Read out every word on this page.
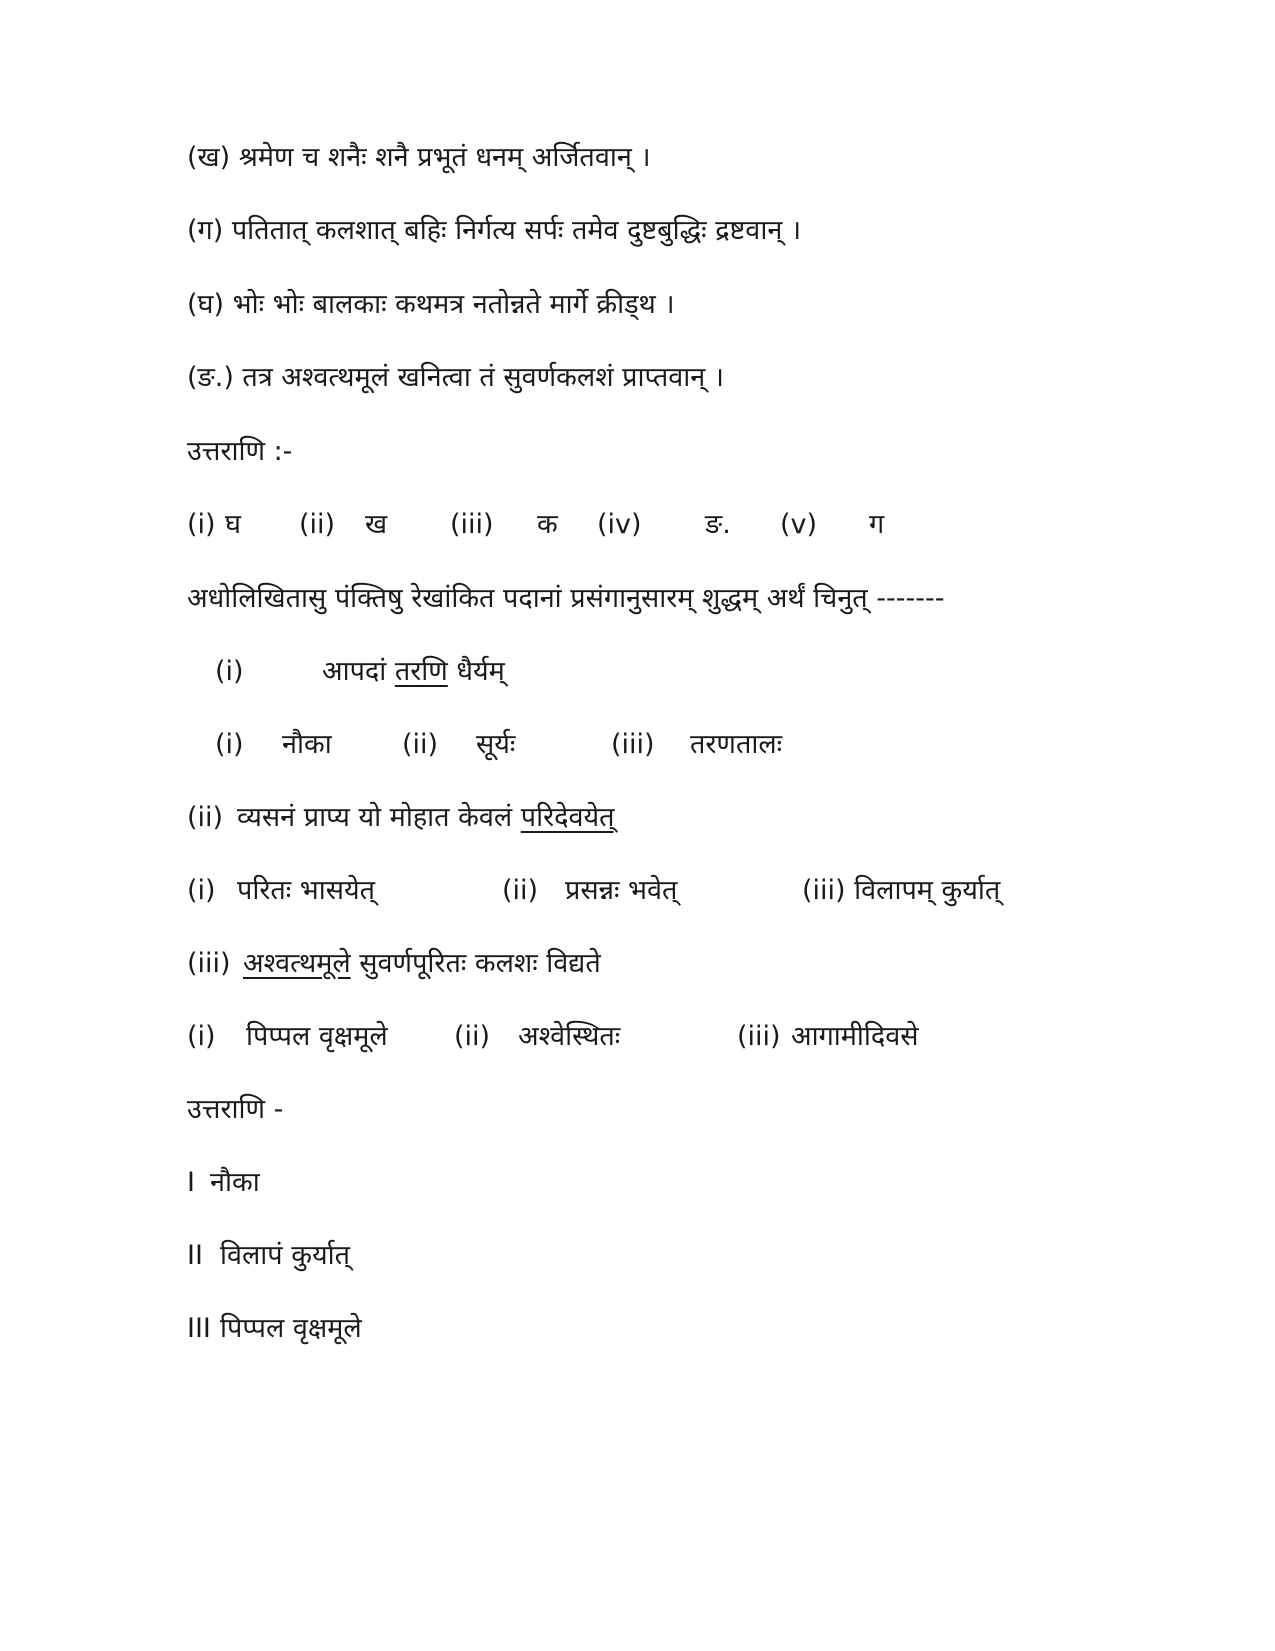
(ख) श्रमेण च शनैः शनै प्रभूतं धनम् अर्जितवान् ।
(ग) पतितात् कलशात् बहिः निर्गत्य सर्पः तमेव दुष्टबुद्धिः द्रष्टवान् ।
(घ) भोः भोः बालकाः कथमत्र नतोन्नते मार्गे क्रीड्थ ।
(ङ.) तत्र अश्वत्थमूलं खनित्वा तं सुवर्णकलशं प्राप्तवान् ।
उत्तराणि :-
(i) घ (ii) ख (iii) क (iv) ङ. (v) ग
अधोलिखितासु पंक्तिषु रेखांकित पदानां प्रसंगानुसारम् शुद्धम् अर्थं चिनुत् -------
(i)	आपदां तरणि धैर्यम्
(i) नौका	(ii) सूर्यः	(iii) तरणतालः
(ii) व्यसनं प्राप्य यो मोहात केवलं परिदेवयेत्
(i) परितः भासयेत्	(ii) प्रसन्नः भवेत्	(iii) विलापम् कुर्यात्
(iii) अश्वत्थमूले सुवर्णपूरितः कलशः विद्यते
(i) पिप्पल वृक्षमूले (ii) अश्वेस्थितः	(iii) आगामीदिवसे
उत्तराणि -
I नौका
II विलापं कुर्यात्
III पिप्पल वृक्षमूले
